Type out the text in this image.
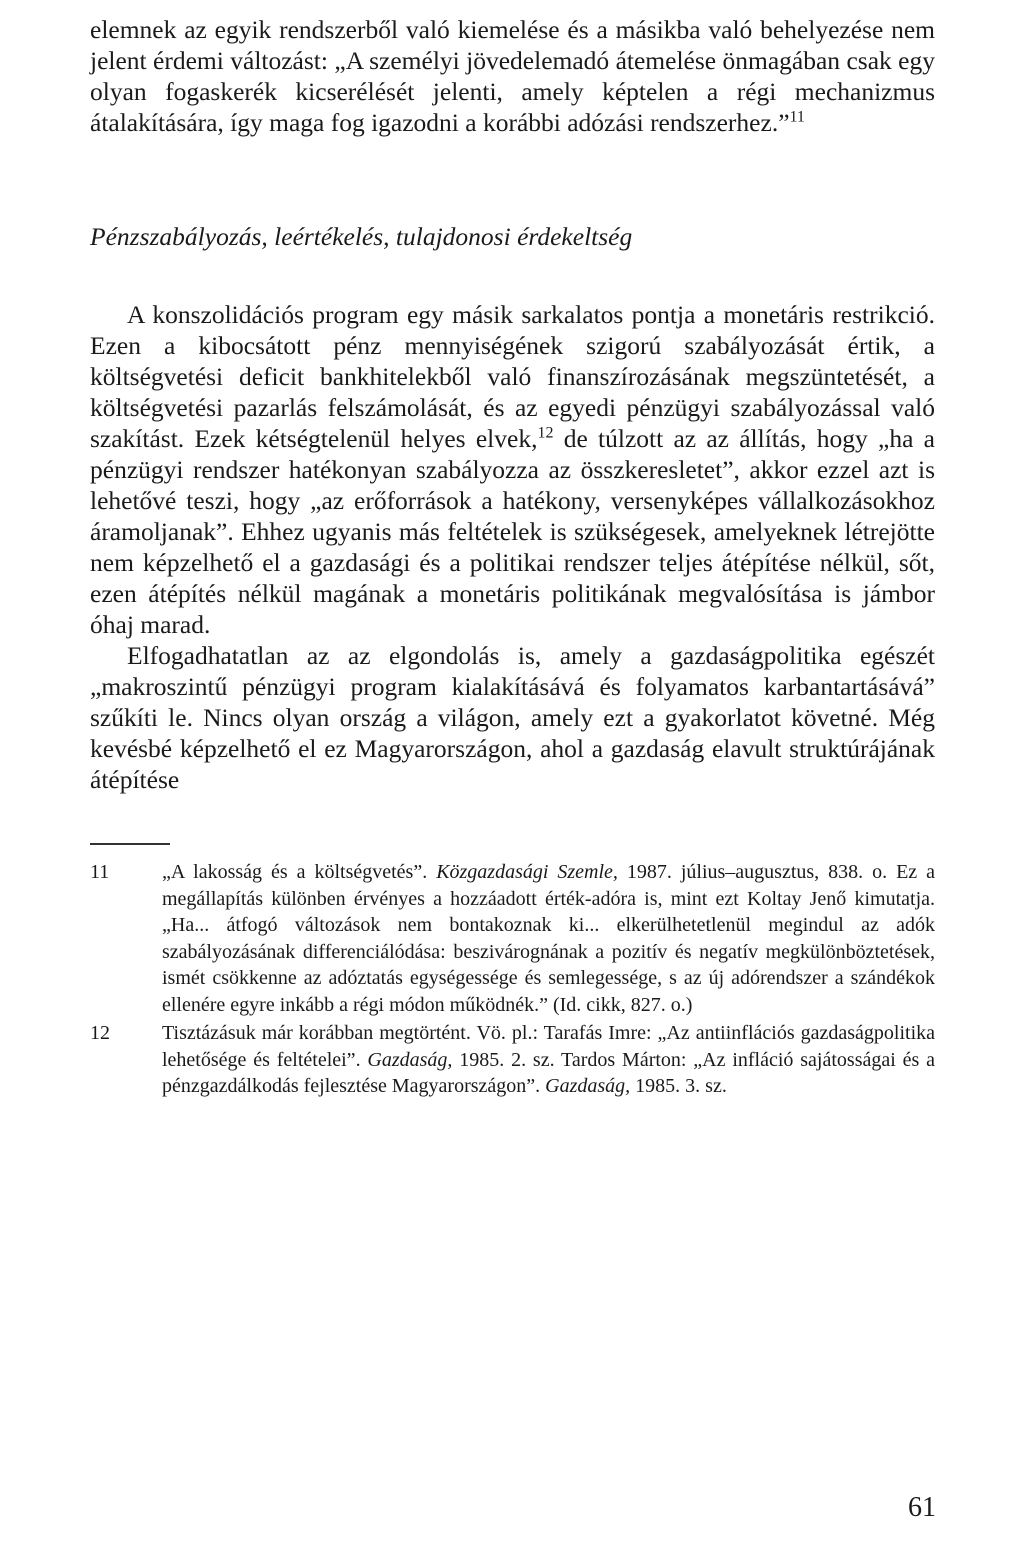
elemnek az egyik rendszerből való kiemelése és a másikba való behelyezése nem jelent érdemi változást: „A személyi jövedelemadó átemelése önmagában csak egy olyan fogaskerék kicserélését jelenti, amely képtelen a régi mechanizmus átalakítására, így maga fog igazodni a korábbi adózási rendszerhez.”$^{11}$

Pénzszabályozás, leértékelés, tulajdonosi érdekeltség

A konszolidációs program egy másik sarkalatos pontja a monetáris restrikció. Ezen a kibocsátott pénz mennyiségének szigorú szabályozását értik, a költségvetési deficit bankhitelekből való finanszírozásának megszüntetését, a költségvetési pazarlás felszámolását, és az egyedi pénzügyi szabályozással való szakítást. Ezek kétségtelenül helyes elvek,$^{12}$ de túlzott az az állítás, hogy „ha a pénzügyi rendszer hatékonyan szabályozza az összkeresletet”, akkor ezzel azt is lehetővé teszi, hogy „az erőforrások a hatékony, versenyképes vállalkozásokhoz áramoljanak”. Ehhez ugyanis más feltételek is szükségesek, amelyeknek létrejötte nem képzelhető el a gazdasági és a politikai rendszer teljes átépítése nélkül, sőt, ezen átépítés nélkül magának a monetáris politikának megvalósítása is jámbor óhaj marad.

Elfogadhatatlan az az elgondolás is, amely a gazdaságpolitika egészét „makroszintű pénzügyi program kialakításává és folyamatos karbantartásává” szűkíti le. Nincs olyan ország a világon, amely ezt a gyakorlatot követné. Még kevésbé képzelhető el ez Magyarországon, ahol a gazdaság elavult struktúrájának átépítése

11	„A lakosság és a költségvetés”. Közgazdasági Szemle, 1987. július–augusztus, 838. o. Ez a megállapítás különben érvényes a hozzáadott érték-adóra is, mint ezt Koltay Jenő kimutatja. „Ha... átfogó változások nem bontakoznak ki... elkerülhetetlenül megindul az adók szabályozásának differenciálódása: beszivárognának a pozitív és negatív megkülönböztetések, ismét csökkenne az adóztatás egységessége és semlegessége, s az új adórendszer a szándékok ellenére egyre inkább a régi módon működnék.” (Id. cikk, 827. o.)
12	Tisztázásuk már korábban megtörtént. Vö. pl.: Tarafás Imre: „Az antiinflációs gazdaságpolitika lehetősége és feltételei”. Gazdaság, 1985. 2. sz. Tardos Márton: „Az infláció sajátosságai és a pénzgazdálkodás fejlesztése Magyarországon”. Gazdaság, 1985. 3. sz.
61
